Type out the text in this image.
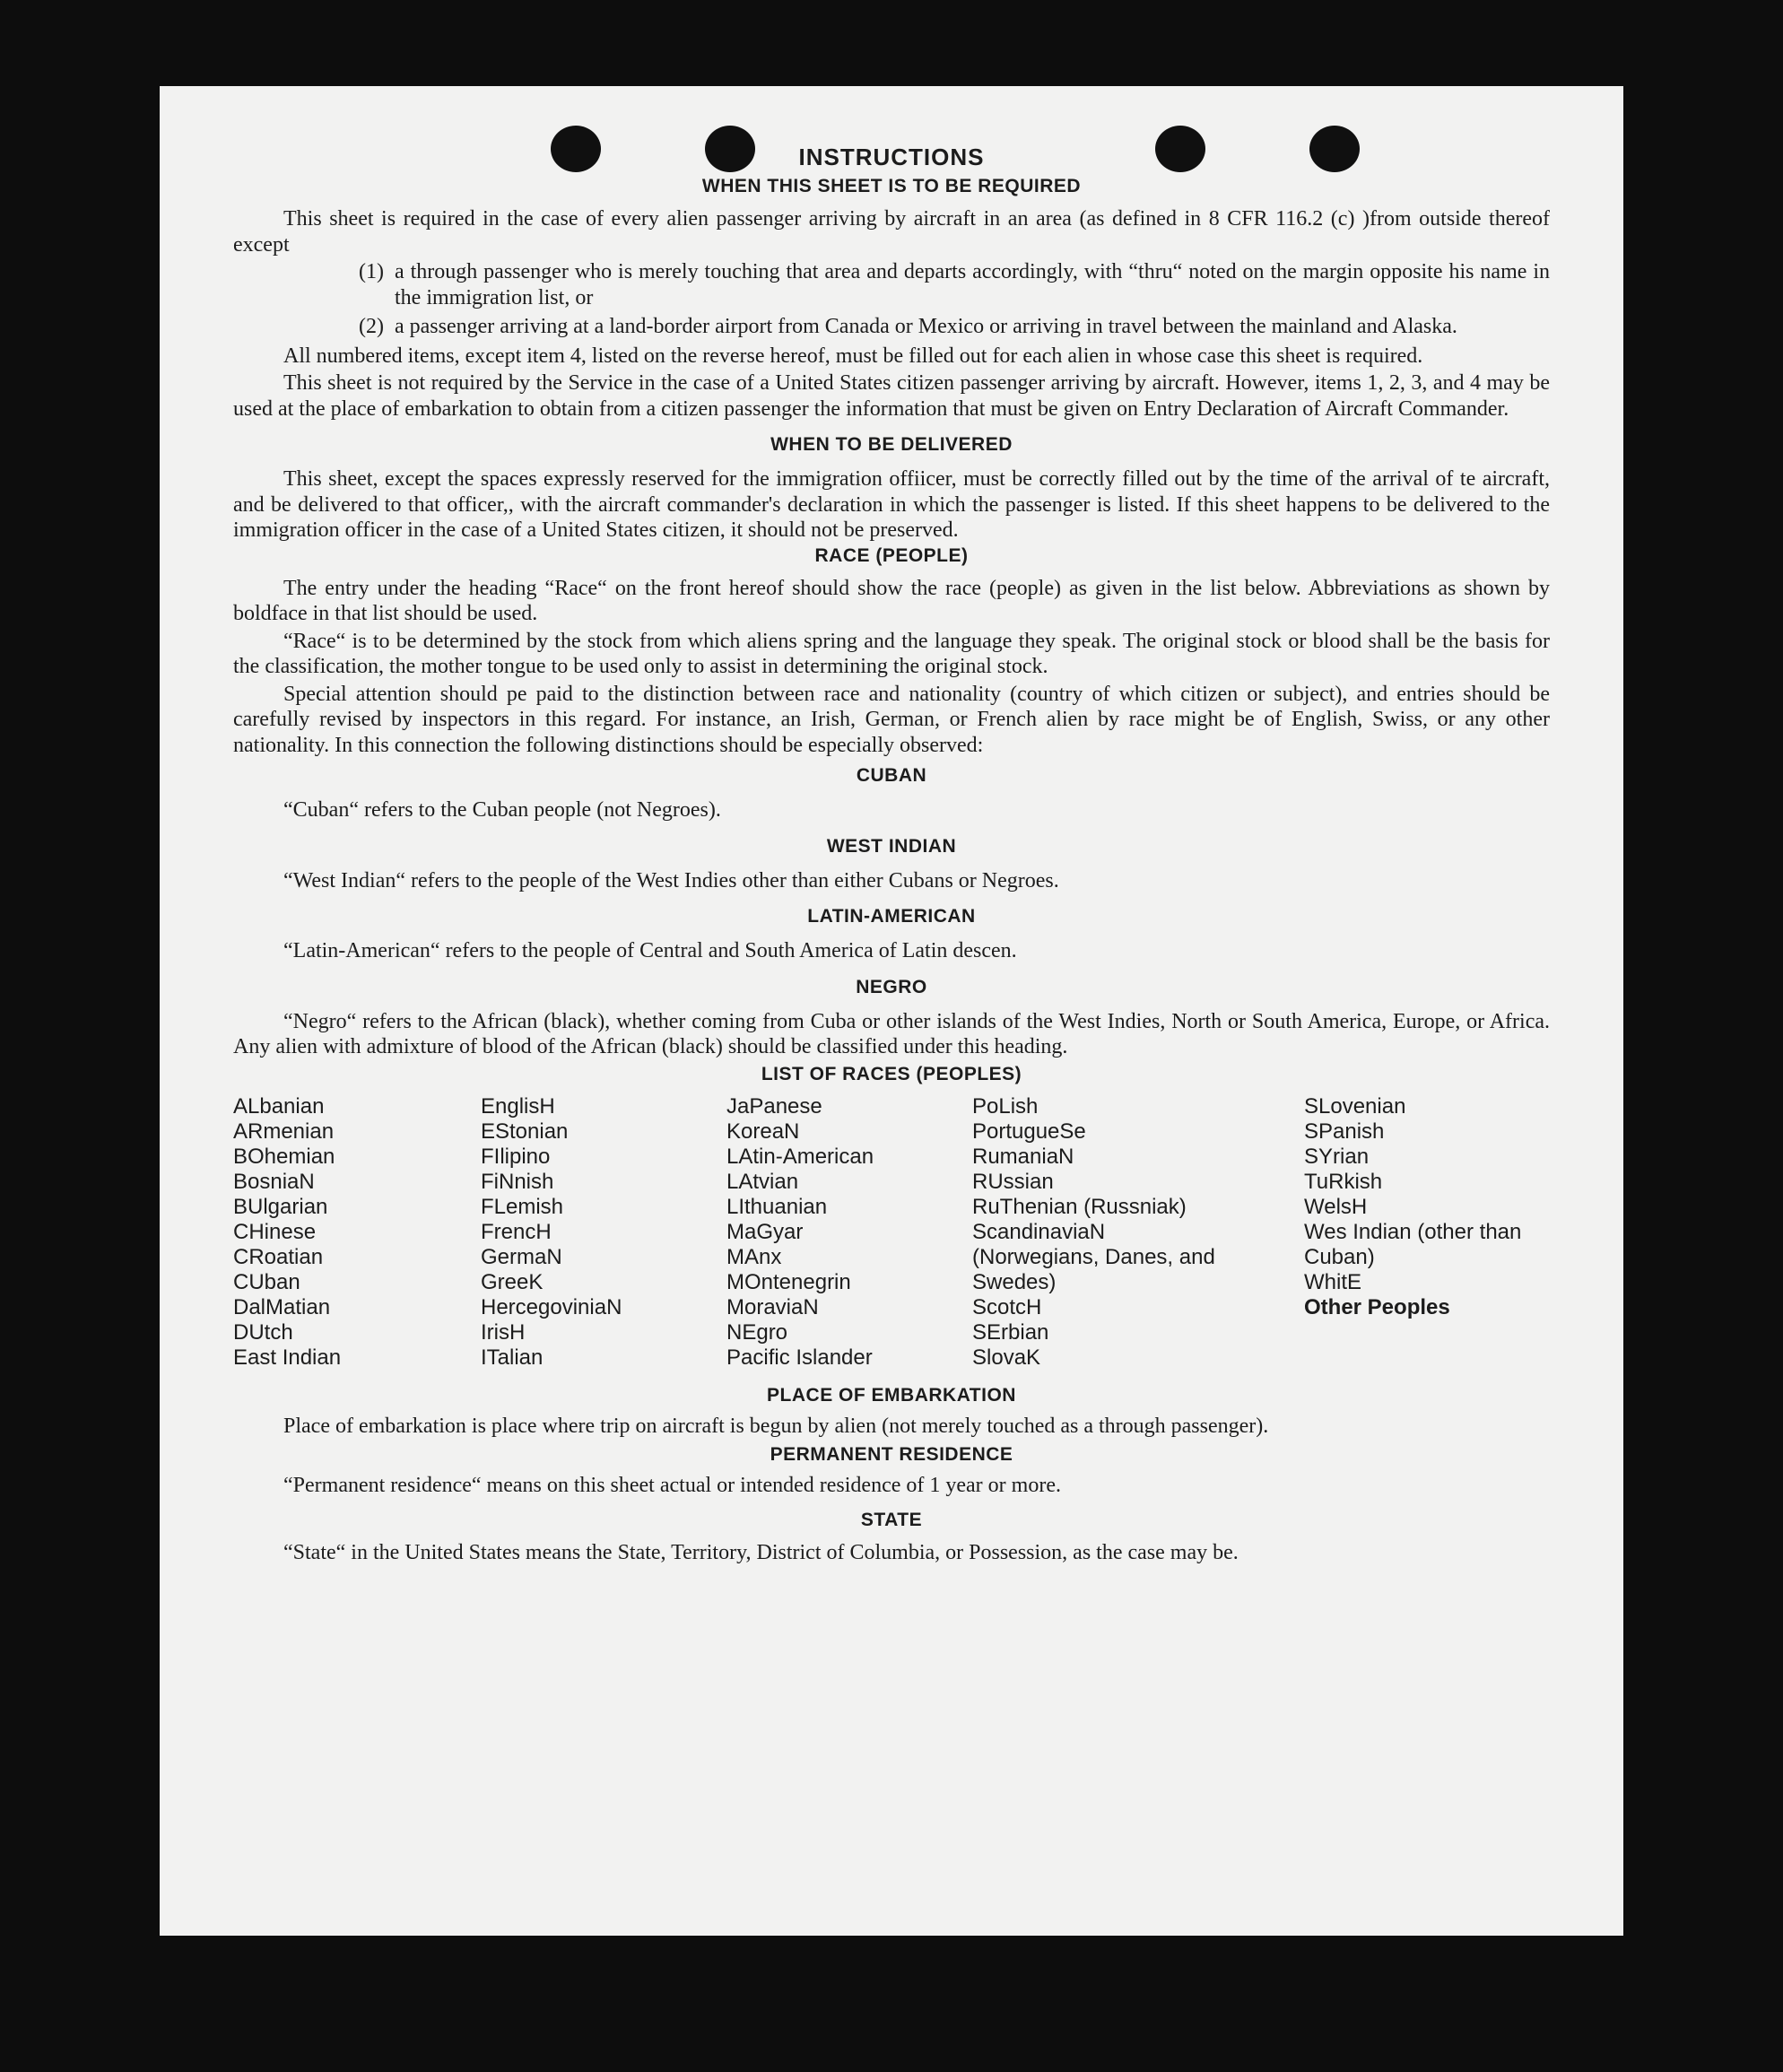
INSTRUCTIONS
WHEN THIS SHEET IS TO BE REQUIRED

This sheet is required in the case of every alien passenger arriving by aircraft in an area (as defined in 8 CFR 116.2 (c) )from outside thereof except

(1) a through passenger who is merely touching that area and departs accordingly, with “thru“ noted on the margin opposite his name in the immigration list, or

(2) a passenger arriving at a land-border airport from Canada or Mexico or arriving in travel between the mainland and Alaska.

All numbered items, except item 4, listed on the reverse hereof, must be filled out for each alien in whose case this sheet is required.

This sheet is not required by the Service in the case of a United States citizen passenger arriving by aircraft. However, items 1, 2, 3, and 4 may be used at the place of embarkation to obtain from a citizen passenger the information that must be given on Entry Declaration of Aircraft Commander.

WHEN TO BE DELIVERED

This sheet, except the spaces expressly reserved for the immigration offiicer, must be correctly filled out by the time of the arrival of te aircraft, and be delivered to that officer,, with the aircraft commander's declaration in which the passenger is listed. If this sheet happens to be delivered to the immigration officer in the case of a United States citizen, it should not be preserved.

RACE (PEOPLE)

The entry under the heading “Race“ on the front hereof should show the race (people) as given in the list below. Abbreviations as shown by boldface in that list should be used.

“Race“ is to be determined by the stock from which aliens spring and the language they speak. The original stock or blood shall be the basis for the classification, the mother tongue to be used only to assist in determining the original stock.

Special attention should pe paid to the distinction between race and nationality (country of which citizen or subject), and entries should be carefully revised by inspectors in this regard. For instance, an Irish, German, or French alien by race might be of English, Swiss, or any other nationality. In this connection the following distinctions should be especially observed:

CUBAN

“Cuban“ refers to the Cuban people (not Negroes).

WEST INDIAN

“West Indian“ refers to the people of the West Indies other than either Cubans or Negroes.

LATIN-AMERICAN

“Latin-American“ refers to the people of Central and South America of Latin descen.

NEGRO

“Negro“ refers to the African (black), whether coming from Cuba or other islands of the West Indies, North or South America, Europe, or Africa. Any alien with admixture of blood of the African (black) should be classified under this heading.

LIST OF RACES (PEOPLES)
ALbanian
ARmenian
BOhemian
BosniaN
BUlgarian
CHinese
CRoatian
CUban
DalMatian
DUtch
East Indian
EnglisH
EStonian
FIlipino
FiNnish
FLemish
FrencH
GermaN
GreeK
HercegoviniaN
IrisH
ITalian
JaPanese
KoreaN
LAtin-American
LAtvian
LIthuanian
MaGyar
MAnx
MOntenegrin
MoraviaN
NEgro
Pacific Islander
PoLish
PortugueSe
RumaniaN
RUssian
RuThenian (Russniak)
ScandinaviaN (Norwegians, Danes, and Swedes)
ScotcH
SErbian
SlovaK
SLovenian
SPanish
SYrian
TuRkish
WelsH
Wes Indian (other than Cuban)
WhitE
Other Peoples
PLACE OF EMBARKATION

Place of embarkation is place where trip on aircraft is begun by alien (not merely touched as a through passenger).

PERMANENT RESIDENCE

“Permanent residence“ means on this sheet actual or intended residence of 1 year or more.

STATE

“State“ in the United States means the State, Territory, District of Columbia, or Possession, as the case may be.
